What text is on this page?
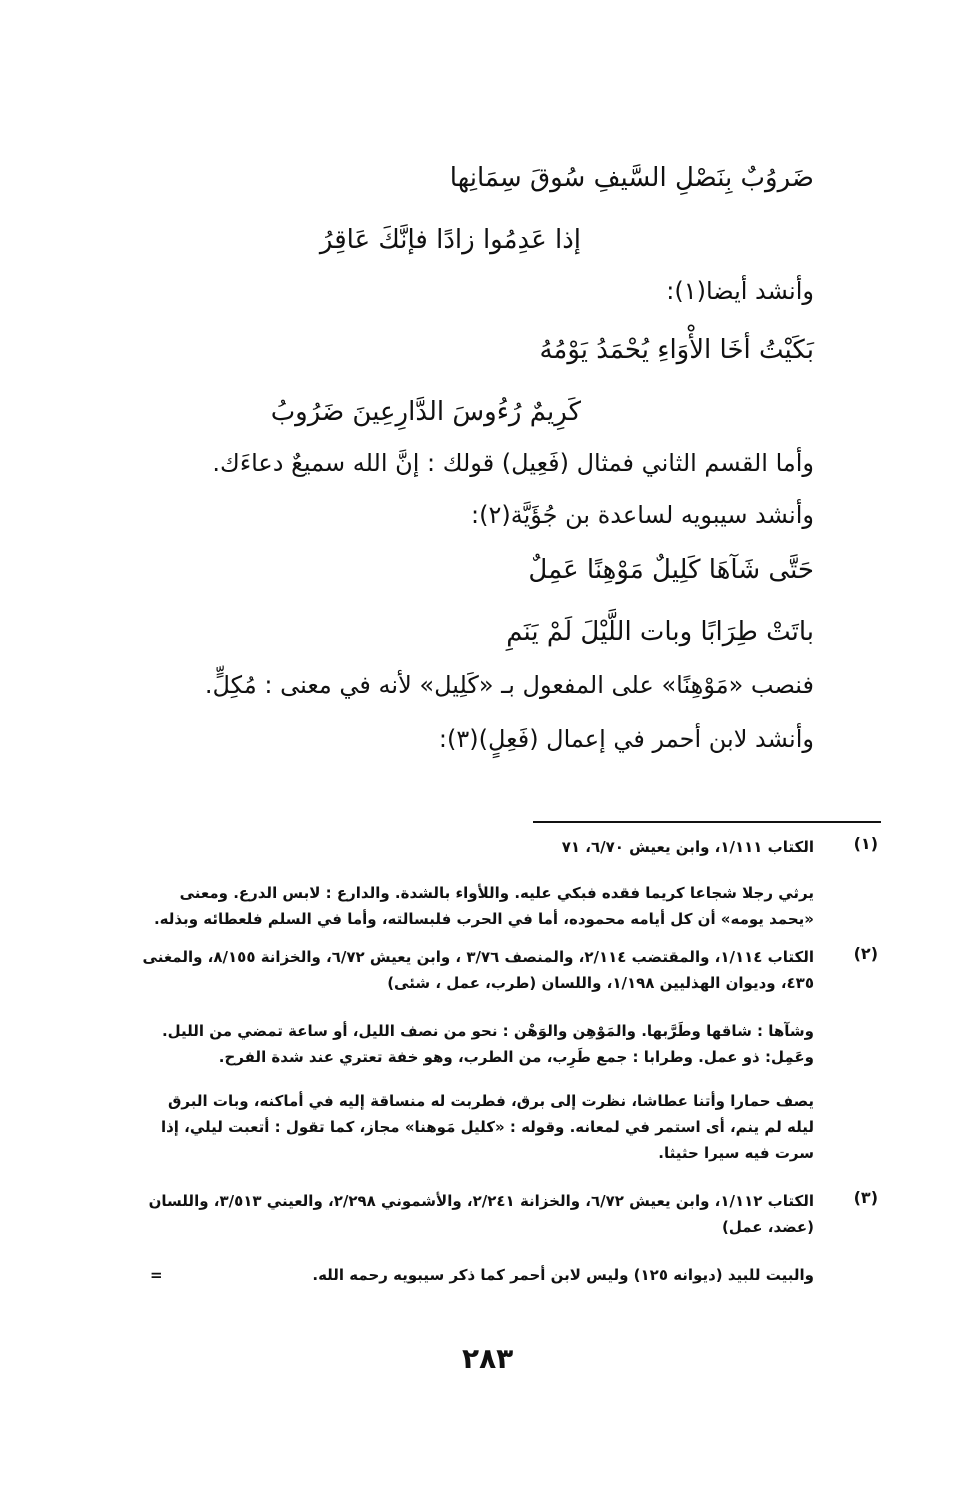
ضَروُبٌ بِنَصْلِ السَّيفِ سُوقَ سِمَانِها
إذا عَدِمُوا زادًا فإنَّكَ عَاقِرُ
وأنشد أيضا(١):
بَكَيْتُ أخَا الأْوَاءِ يُحْمَدُ يَوْمُهُ
كَرِيمٌ رُءُوسَ الدَّارِعِينَ ضَرُوبُ
وأما القسم الثاني فمثال (فَعِيل) قولك : إنَّ الله سميعٌ دعاءَك.
وأنشد سيبويه لساعدة بن جُؤَيَّة(٢):
حَتَّى شَآهَا كَلِيلٌ مَوْهِنًا عَمِلٌ
باتَتْ طِرَابًا وبات اللَّيْلَ لَمْ يَنَمِ
فنصب «مَوْهِنًا» على المفعول بـ «كَلِيل» لأنه في معنى : مُكِلٍّ.
وأنشد لابن أحمر في إعمال (فَعِلٍ)(٣):
(١)
الكتاب ١/١١١، وابن يعيش ٦/٧٠، ٧١
يرثي رجلا شجاعا كريما فقده فبكي عليه. واللأواء بالشدة. والدارع : لابس الدرع. ومعنى «يحمد يومه» أن كل أيامه محموده، أما في الحرب فلبسالته، وأما في السلم فلعطائه وبذله.
(٢)
الكتاب ١/١١٤، والمقتضب ٢/١١٤، والمنصف ٣/٧٦ ، وابن يعيش ٦/٧٢، والخزانة ٨/١٥٥، والمغنى ٤٣٥، وديوان الهذليين ١/١٩٨، واللسان (طرب، عمل ، شئى)
وشآها : شاقها وطَرَّبها. والمَوْهِن والوَهْن : نحو من نصف الليل، أو ساعة تمضي من الليل. وعَمِل: ذو عمل. وطرابا : جمع طَرِب، من الطرب، وهو خفة تعتري عند شدة الفرح.
يصف حمارا وأتنا عطاشا، نظرت إلى برق، فطربت له منساقة إليه في أماكنه، وبات البرق ليله لم ينم، أى استمر في لمعانه. وقوله : «كليل مَوهنا» مجاز، كما تقول : أتعبت ليلي، إذا سرت فيه سيرا حثيثا.
(٣)
الكتاب ١/١١٢، وابن يعيش ٦/٧٢، والخزانة ٢/٢٤١، والأشموني ٢/٢٩٨، والعيني ٣/٥١٣، واللسان (عضد، عمل)
والبيت للبيد (ديوانه ١٢٥) وليس لابن أحمر كما ذكر سيبويه رحمه الله.
=
٢٨٣
